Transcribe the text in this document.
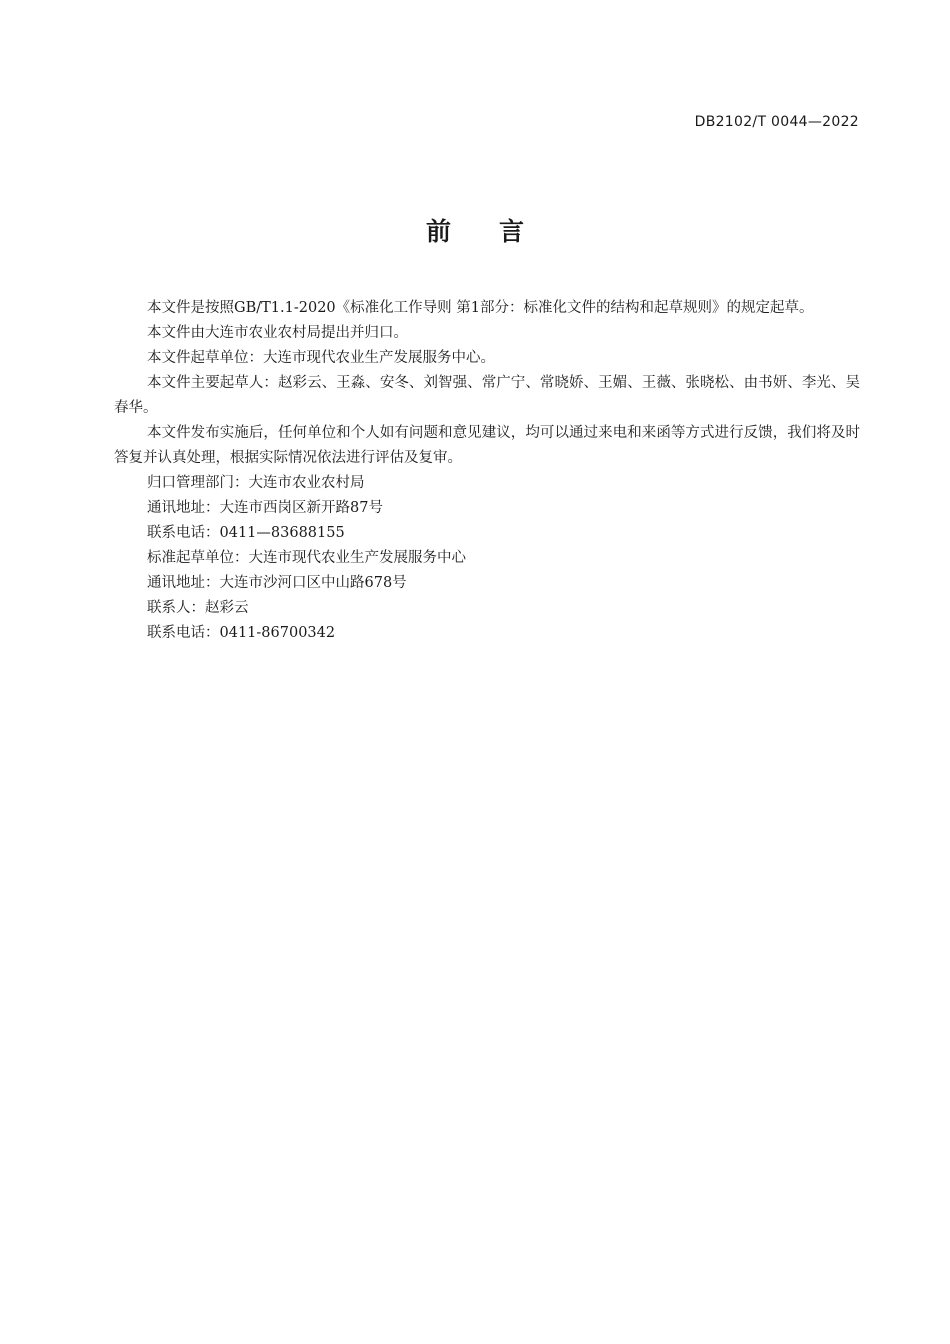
DB2102/T 0044—2022
前 言

本文件是按照GB/T1.1-2020《标准化工作导则 第1部分：标准化文件的结构和起草规则》的规定起草。

本文件由大连市农业农村局提出并归口。

本文件起草单位：大连市现代农业生产发展服务中心。

本文件主要起草人：赵彩云、王淼、安冬、刘智强、常广宁、常晓娇、王媚、王薇、张晓松、由书妍、李光、吴春华。

本文件发布实施后，任何单位和个人如有问题和意见建议，均可以通过来电和来函等方式进行反馈，我们将及时答复并认真处理，根据实际情况依法进行评估及复审。

归口管理部门：大连市农业农村局

通讯地址：大连市西岗区新开路87号

联系电话：0411—83688155

标准起草单位：大连市现代农业生产发展服务中心

通讯地址：大连市沙河口区中山路678号

联系人：赵彩云

联系电话：0411-86700342
